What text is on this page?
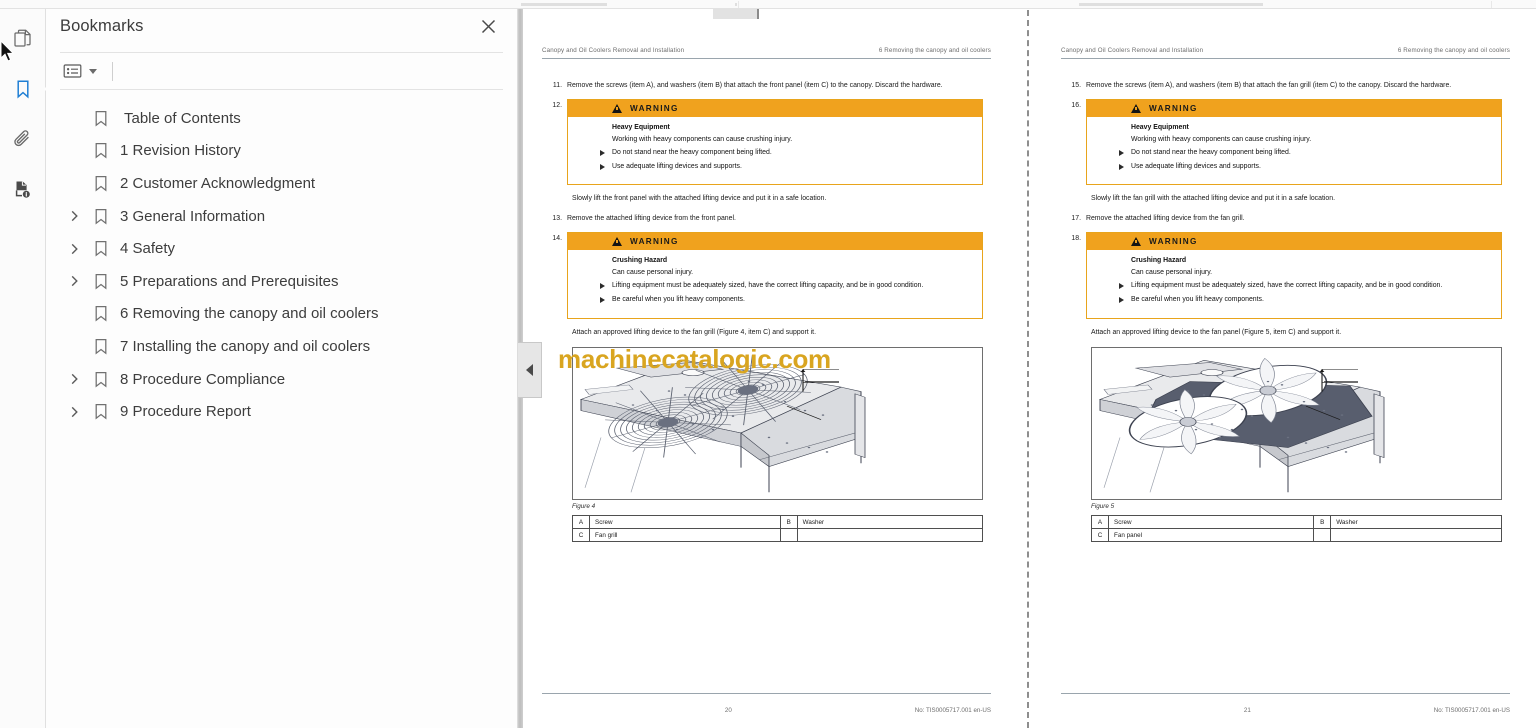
Bookmarks
Table of Contents
1 Revision History
2 Customer Acknowledgment
3 General Information
4 Safety
5 Preparations and Prerequisites
6 Removing the canopy and oil coolers
7 Installing the canopy and oil coolers
8 Procedure Compliance
9 Procedure Report
Canopy and Oil Coolers Removal and Installation	6 Removing the canopy and oil coolers
11. Remove the screws (item A), and washers (item B) that attach the front panel (item C) to the canopy. Discard the hardware.
12.	WARNING
Heavy Equipment
Working with heavy components can cause crushing injury.
Do not stand near the heavy component being lifted.
Use adequate lifting devices and supports.
Slowly lift the front panel with the attached lifting device and put it in a safe location.
13. Remove the attached lifting device from the front panel.
14.	WARNING
Crushing Hazard
Can cause personal injury.
Lifting equipment must be adequately sized, have the correct lifting capacity, and be in good condition.
Be careful when you lift heavy components.
Attach an approved lifting device to the fan grill (Figure 4, item C) and support it.
Figure 4
A	Screw	B	Washer
C	Fan grill		
20	No: TIS0005717.001 en-US
Canopy and Oil Coolers Removal and Installation	6 Removing the canopy and oil coolers
15. Remove the screws (item A), and washers (item B) that attach the fan grill (item C) to the canopy. Discard the hardware.
16.	WARNING
Heavy Equipment
Working with heavy components can cause crushing injury.
Do not stand near the heavy component being lifted.
Use adequate lifting devices and supports.
Slowly lift the fan grill with the attached lifting device and put it in a safe location.
17. Remove the attached lifting device from the fan grill.
18.	WARNING
Crushing Hazard
Can cause personal injury.
Lifting equipment must be adequately sized, have the correct lifting capacity, and be in good condition.
Be careful when you lift heavy components.
Attach an approved lifting device to the fan panel (Figure 5, item C) and support it.
Figure 5
A	Screw	B	Washer
C	Fan panel		
21	No: TIS0005717.001 en-US
machinecatalogic.com
